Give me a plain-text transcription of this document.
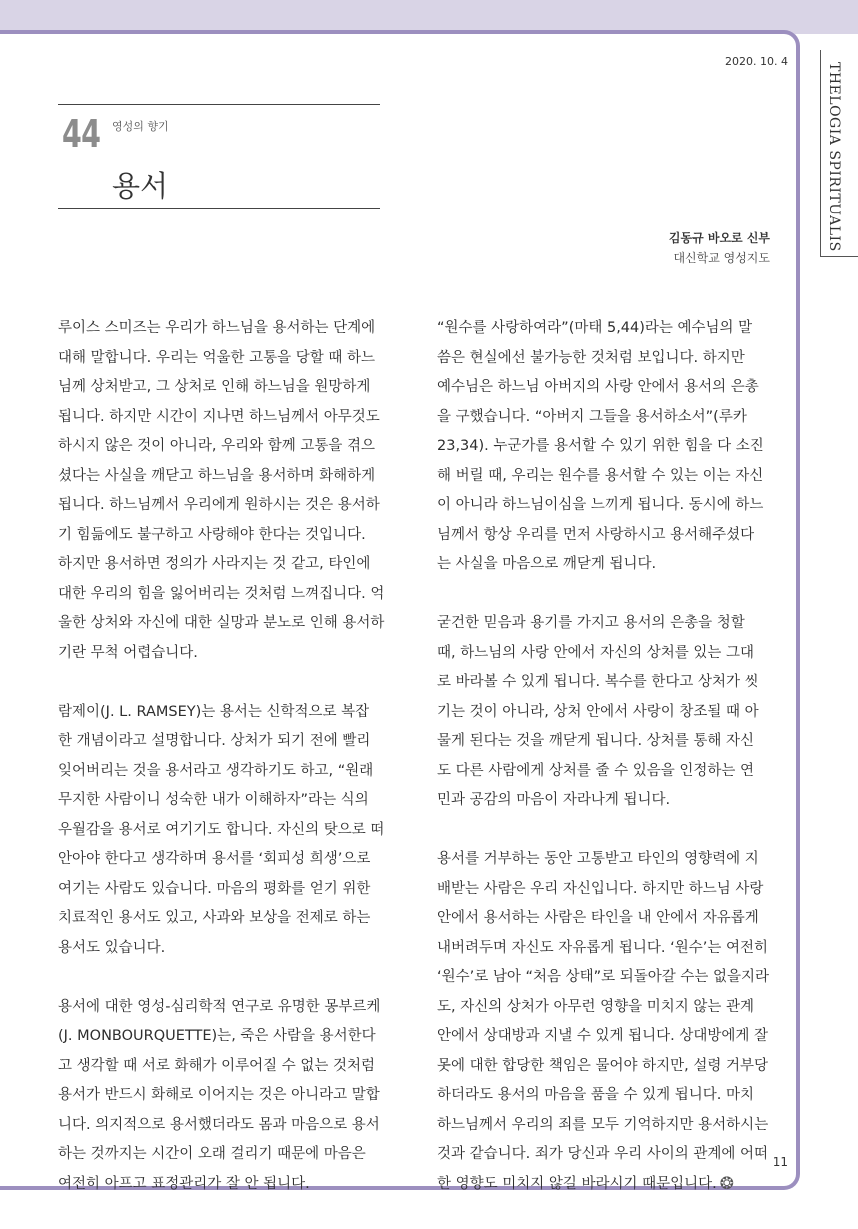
THELOGIA SPIRITUALIS
2020. 10. 4
44 영성의 향기
용서
김동규 바오로 신부
대신학교 영성지도

루이스 스미즈는 우리가 하느님을 용서하는 단계에
대해 말합니다. 우리는 억울한 고통을 당할 때 하느
님께 상처받고, 그 상처로 인해 하느님을 원망하게
됩니다. 하지만 시간이 지나면 하느님께서 아무것도
하시지 않은 것이 아니라, 우리와 함께 고통을 겪으
셨다는 사실을 깨닫고 하느님을 용서하며 화해하게
됩니다. 하느님께서 우리에게 원하시는 것은 용서하
기 힘듦에도 불구하고 사랑해야 한다는 것입니다.
하지만 용서하면 정의가 사라지는 것 같고, 타인에
대한 우리의 힘을 잃어버리는 것처럼 느껴집니다. 억
울한 상처와 자신에 대한 실망과 분노로 인해 용서하
기란 무척 어렵습니다.

람제이(J. L. RAMSEY)는 용서는 신학적으로 복잡
한 개념이라고 설명합니다. 상처가 되기 전에 빨리
잊어버리는 것을 용서라고 생각하기도 하고, “원래
무지한 사람이니 성숙한 내가 이해하자”라는 식의
우월감을 용서로 여기기도 합니다. 자신의 탓으로 떠
안아야 한다고 생각하며 용서를 ‘회피성 희생’으로
여기는 사람도 있습니다. 마음의 평화를 얻기 위한
치료적인 용서도 있고, 사과와 보상을 전제로 하는
용서도 있습니다.

용서에 대한 영성-심리학적 연구로 유명한 몽부르케
(J. MONBOURQUETTE)는, 죽은 사람을 용서한다
고 생각할 때 서로 화해가 이루어질 수 없는 것처럼
용서가 반드시 화해로 이어지는 것은 아니라고 말합
니다. 의지적으로 용서했더라도 몸과 마음으로 용서
하는 것까지는 시간이 오래 걸리기 때문에 마음은
여전히 아프고 표정관리가 잘 안 됩니다.

“원수를 사랑하여라”(마태 5,44)라는 예수님의 말
씀은 현실에선 불가능한 것처럼 보입니다. 하지만
예수님은 하느님 아버지의 사랑 안에서 용서의 은총
을 구했습니다. “아버지 그들을 용서하소서”(루카
23,34). 누군가를 용서할 수 있기 위한 힘을 다 소진
해 버릴 때, 우리는 원수를 용서할 수 있는 이는 자신
이 아니라 하느님이심을 느끼게 됩니다. 동시에 하느
님께서 항상 우리를 먼저 사랑하시고 용서해주셨다
는 사실을 마음으로 깨닫게 됩니다.

굳건한 믿음과 용기를 가지고 용서의 은총을 청할
때, 하느님의 사랑 안에서 자신의 상처를 있는 그대
로 바라볼 수 있게 됩니다. 복수를 한다고 상처가 씻
기는 것이 아니라, 상처 안에서 사랑이 창조될 때 아
물게 된다는 것을 깨닫게 됩니다. 상처를 통해 자신
도 다른 사람에게 상처를 줄 수 있음을 인정하는 연
민과 공감의 마음이 자라나게 됩니다.

용서를 거부하는 동안 고통받고 타인의 영향력에 지
배받는 사람은 우리 자신입니다. 하지만 하느님 사랑
안에서 용서하는 사람은 타인을 내 안에서 자유롭게
내버려두며 자신도 자유롭게 됩니다. ‘원수’는 여전히
‘원수’로 남아 “처음 상태”로 되돌아갈 수는 없을지라
도, 자신의 상처가 아무런 영향을 미치지 않는 관계
안에서 상대방과 지낼 수 있게 됩니다. 상대방에게 잘
못에 대한 합당한 책임은 물어야 하지만, 설령 거부당
하더라도 용서의 마음을 품을 수 있게 됩니다. 마치
하느님께서 우리의 죄를 모두 기억하지만 용서하시는
것과 같습니다. 죄가 당신과 우리 사이의 관계에 어떠
한 영향도 미치지 않길 바라시기 때문입니다. ❂

11
